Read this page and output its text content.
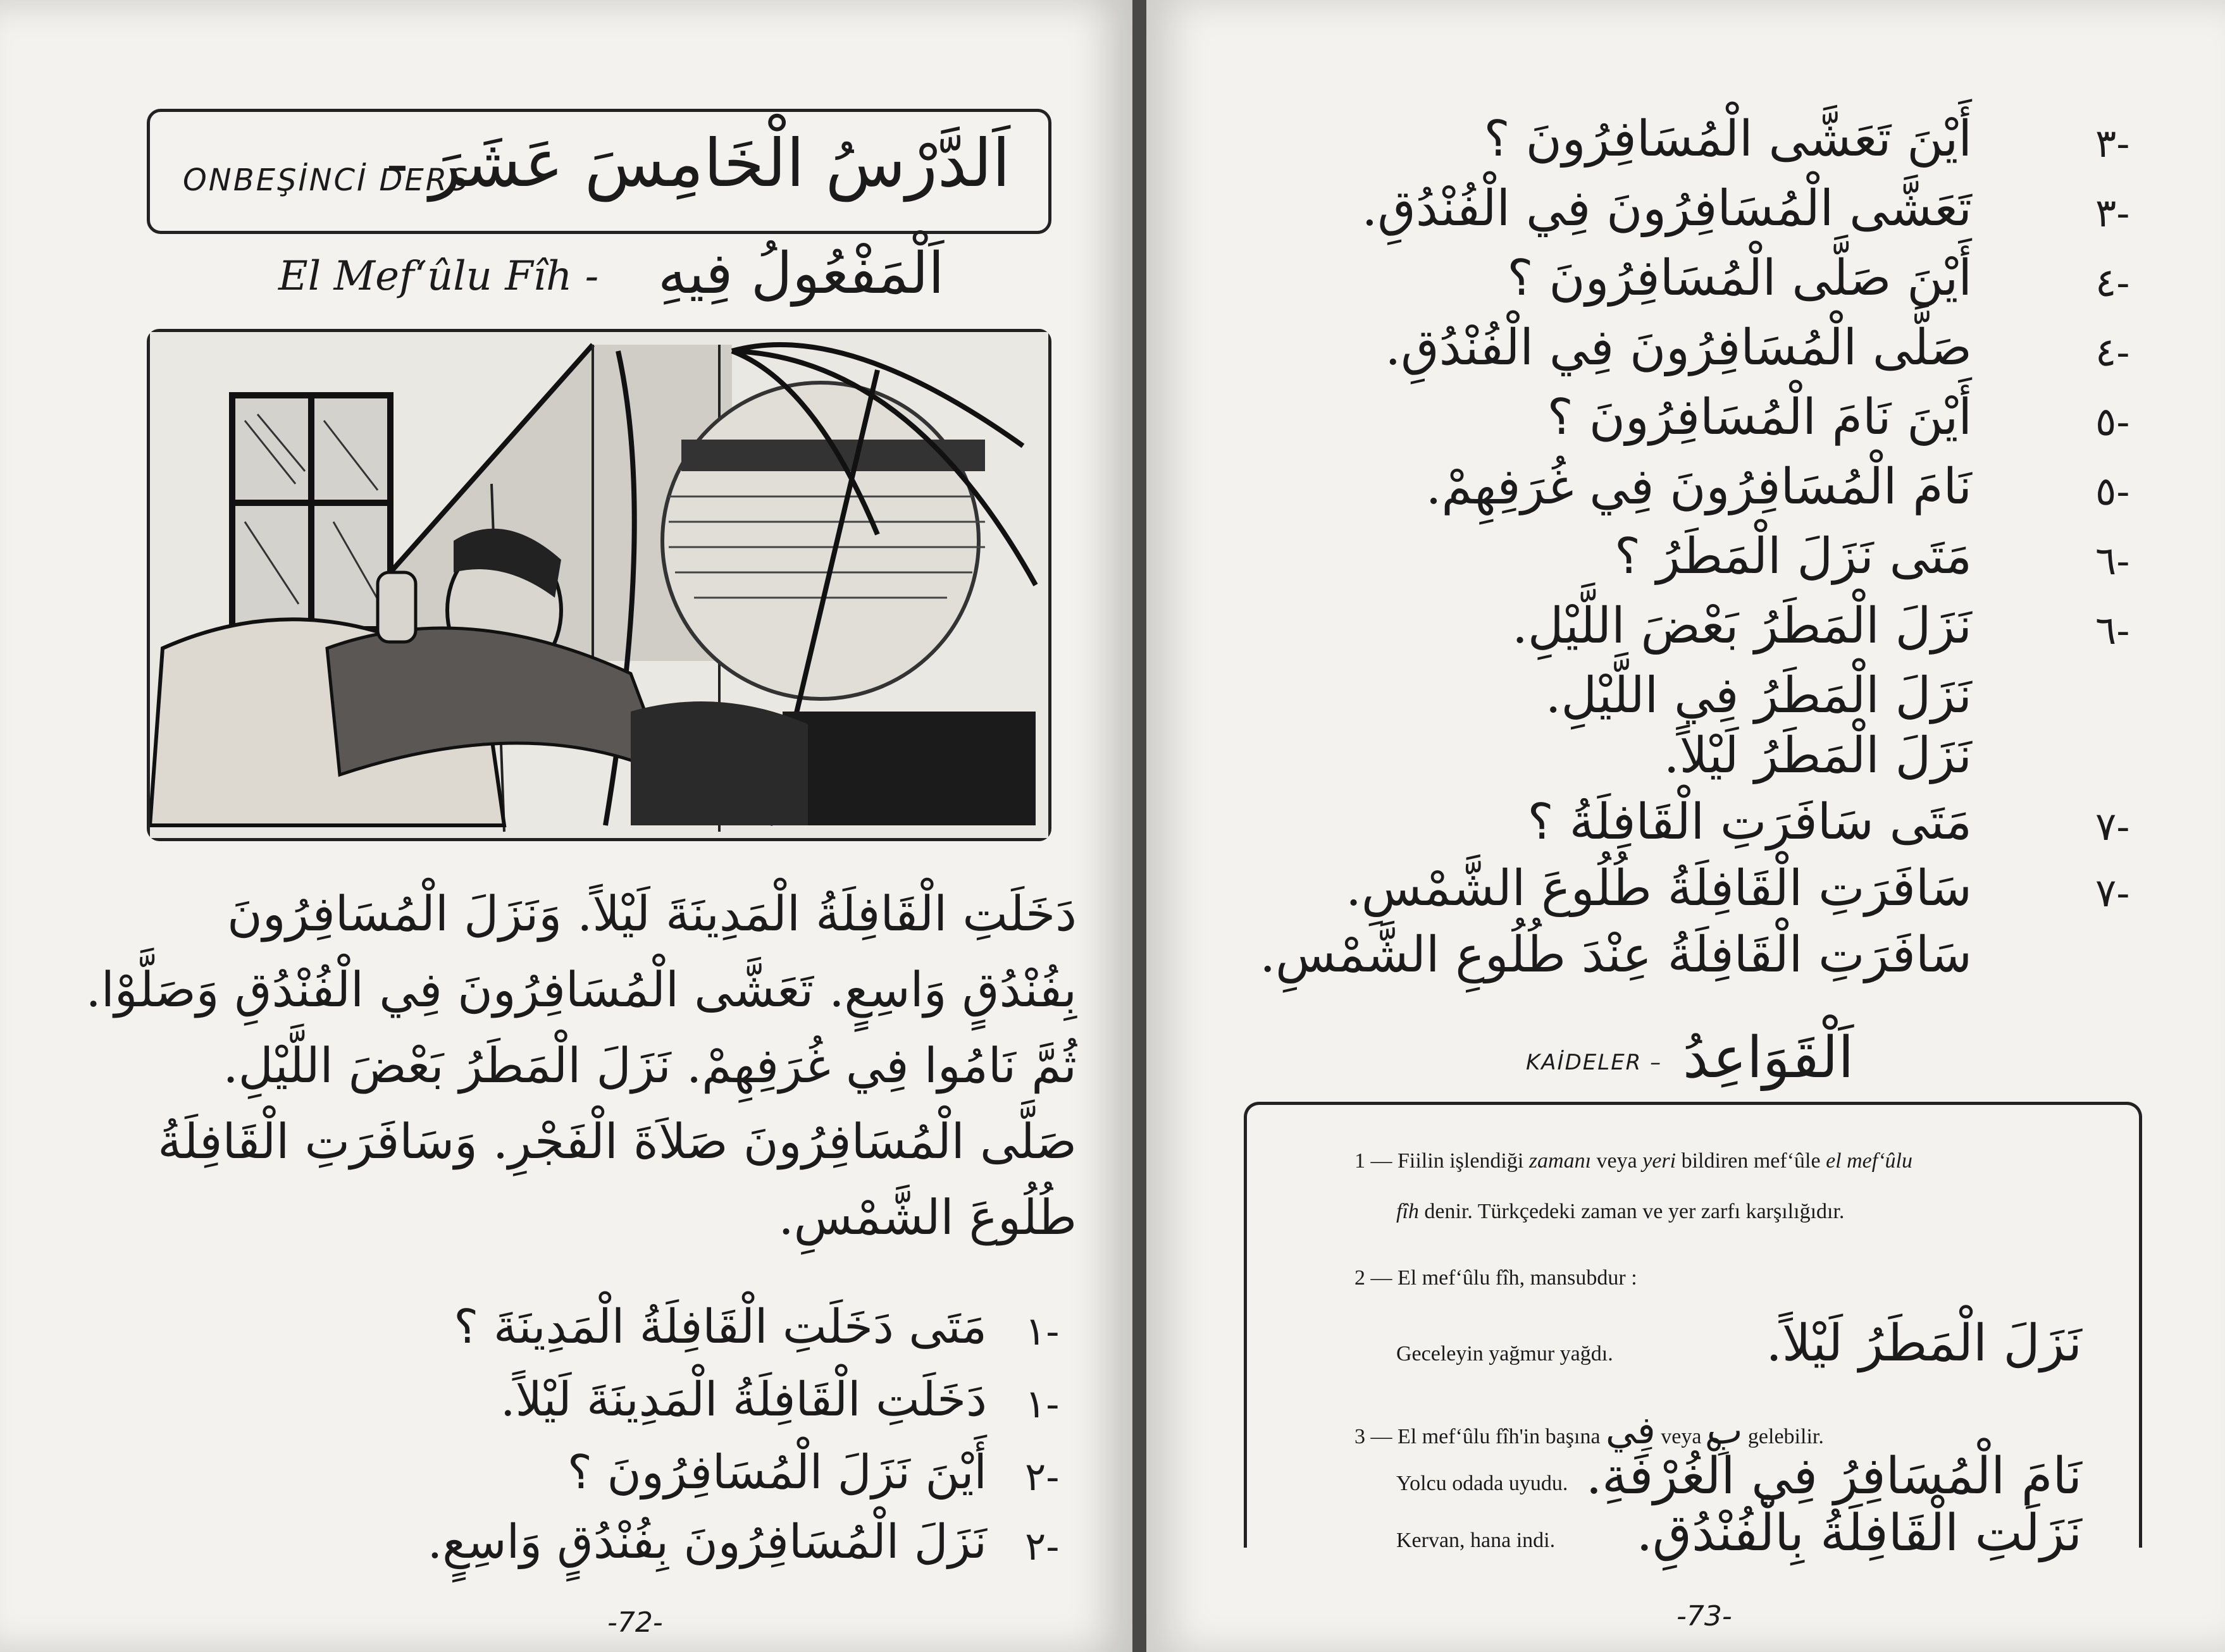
ONBEŞİNCİ DERS
اَلدَّرْسُ الْخَامِسَ عَشَرَ -
El Mef‘ûlu Fîh - اَلْمَفْعُولُ فِيهِ
دَخَلَتِ الْقَافِلَةُ الْمَدِينَةَ لَيْلاً. وَنَزَلَ الْمُسَافِرُونَ
بِفُنْدُقٍ وَاسِعٍ. تَعَشَّى الْمُسَافِرُونَ فِي الْفُنْدُقِ وَصَلَّوْا.
ثُمَّ نَامُوا فِي غُرَفِهِمْ. نَزَلَ الْمَطَرُ بَعْضَ اللَّيْلِ.
صَلَّى الْمُسَافِرُونَ صَلاَةَ الْفَجْرِ. وَسَافَرَتِ الْقَافِلَةُ
طُلُوعَ الشَّمْسِ.
مَتَى دَخَلَتِ الْقَافِلَةُ الْمَدِينَةَ ؟ ١-
دَخَلَتِ الْقَافِلَةُ الْمَدِينَةَ لَيْلاً. ١-
أَيْنَ نَزَلَ الْمُسَافِرُونَ ؟ ٢-
نَزَلَ الْمُسَافِرُونَ بِفُنْدُقٍ وَاسِعٍ. ٢-
-72-
أَيْنَ تَعَشَّى الْمُسَافِرُونَ ؟	٣-
تَعَشَّى الْمُسَافِرُونَ فِي الْفُنْدُقِ.	٣-
أَيْنَ صَلَّى الْمُسَافِرُونَ ؟	٤-
صَلَّى الْمُسَافِرُونَ فِي الْفُنْدُقِ.	٤-
أَيْنَ نَامَ الْمُسَافِرُونَ ؟	٥-
نَامَ الْمُسَافِرُونَ فِي غُرَفِهِمْ.	٥-
مَتَى نَزَلَ الْمَطَرُ ؟	٦-
نَزَلَ الْمَطَرُ بَعْضَ اللَّيْلِ.	٦-
نَزَلَ الْمَطَرُ فِي اللَّيْلِ.
نَزَلَ الْمَطَرُ لَيْلاً.
مَتَى سَافَرَتِ الْقَافِلَةُ ؟	٧-
سَافَرَتِ الْقَافِلَةُ طُلُوعَ الشَّمْسِ.	٧-
سَافَرَتِ الْقَافِلَةُ عِنْدَ طُلُوعِ الشَّمْسِ.
KAİDELER – اَلْقَوَاعِدُ
1 — Fiilin işlendiği zamanı veya yeri bildiren mef‘ûle el mef‘ûlu
fîh denir. Türkçedeki zaman ve yer zarfı karşılığıdır.
2 — El mef‘ûlu fîh, mansubdur :
Geceleyin yağmur yağdı.	نَزَلَ الْمَطَرُ لَيْلاً.
3 — El mef‘ûlu fîh'in başına فِي veya بِ gelebilir.
Yolcu odada uyudu. نَامَ الْمُسَافِرُ فِي الْغُرْفَةِ.
Kervan, hana indi. نَزَلَتِ الْقَافِلَةُ بِالْفُنْدُقِ.
-73-
